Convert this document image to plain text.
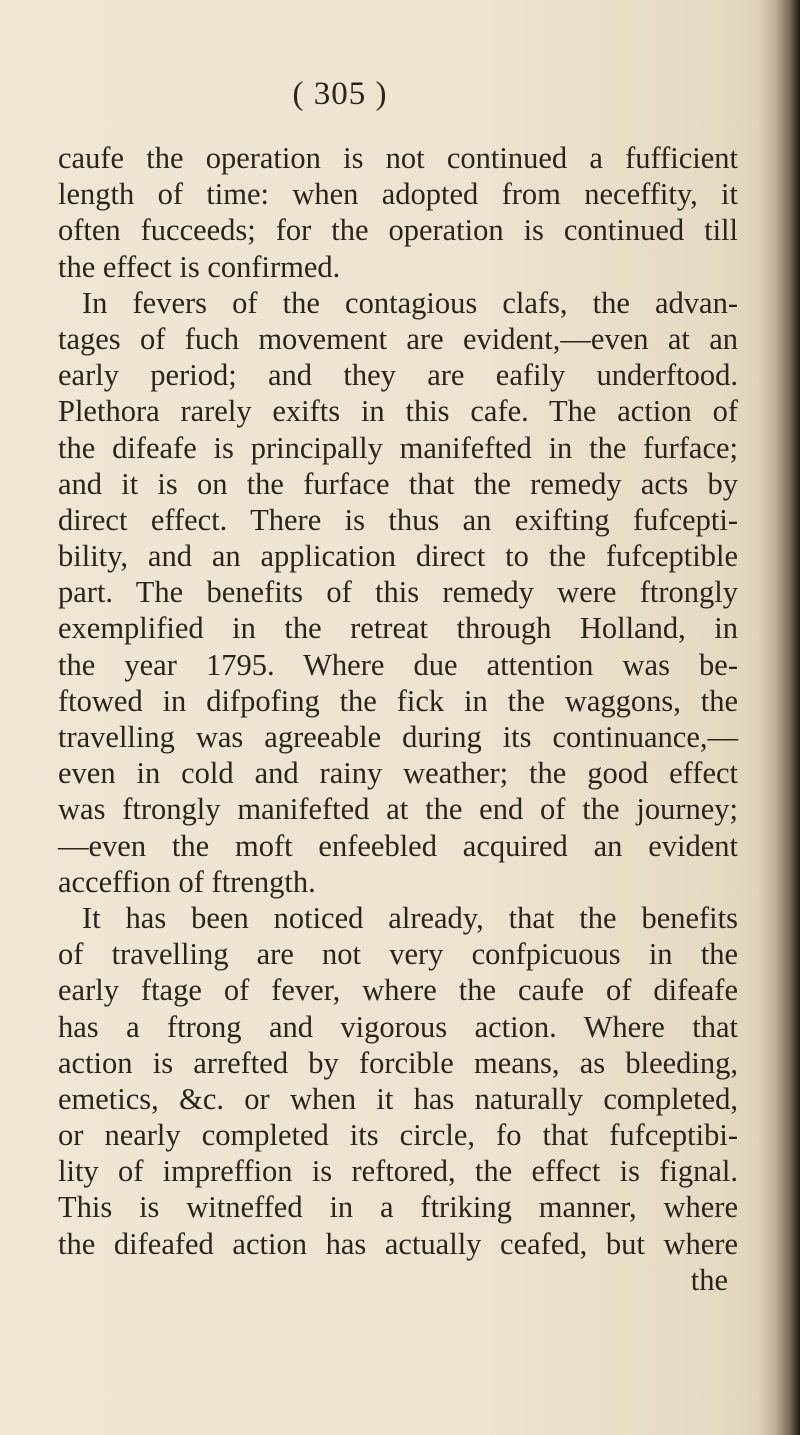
( 305 )
caufe the operation is not continued a fufficient
length of time: when adopted from neceffity, it
often fucceeds; for the operation is continued till
the effect is confirmed.
In fevers of the contagious clafs, the advan-
tages of fuch movement are evident,—even at an
early period; and they are eafily underftood.
Plethora rarely exifts in this cafe. The action of
the difeafe is principally manifefted in the furface;
and it is on the furface that the remedy acts by
direct effect. There is thus an exifting fufcepti-
bility, and an application direct to the fufceptible
part. The benefits of this remedy were ftrongly
exemplified in the retreat through Holland, in
the year 1795. Where due attention was be-
ftowed in difpofing the fick in the waggons, the
travelling was agreeable during its continuance,—
even in cold and rainy weather; the good effect
was ftrongly manifefted at the end of the journey;
—even the moft enfeebled acquired an evident
acceffion of ftrength.
It has been noticed already, that the benefits
of travelling are not very confpicuous in the
early ftage of fever, where the caufe of difeafe
has a ftrong and vigorous action. Where that
action is arrefted by forcible means, as bleeding,
emetics, &c. or when it has naturally completed,
or nearly completed its circle, fo that fufceptibi-
lity of impreffion is reftored, the effect is fignal.
This is witneffed in a ftriking manner, where
the difeafed action has actually ceafed, but where
the
